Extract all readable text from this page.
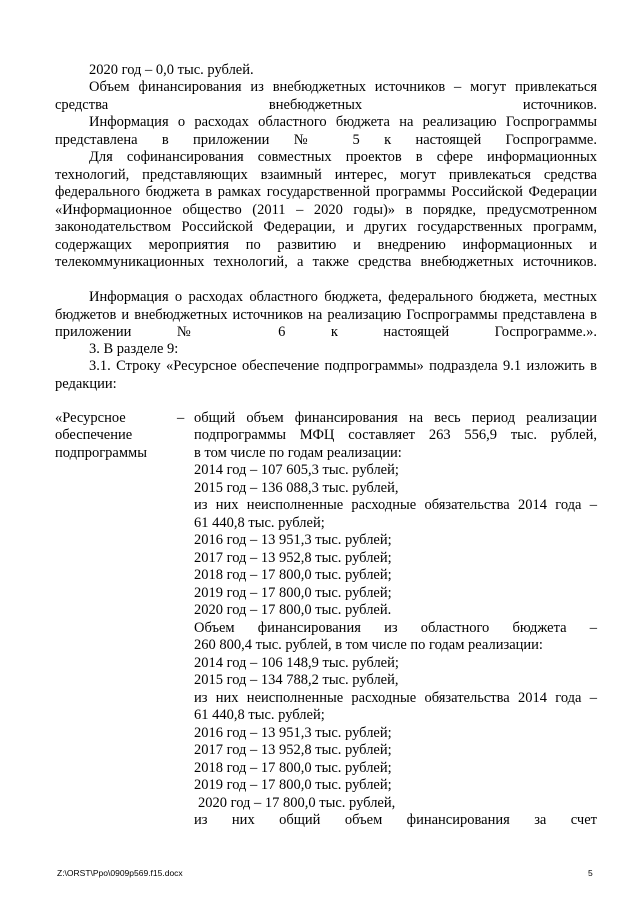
2020 год – 0,0 тыс. рублей.

Объем финансирования из внебюджетных источников – могут привлекаться средства внебюджетных источников.

Информация о расходах областного бюджета на реализацию Госпрограммы представлена в приложении № 5 к настоящей Госпрограмме.

Для софинансирования совместных проектов в сфере информационных технологий, представляющих взаимный интерес, могут привлекаться средства федерального бюджета в рамках государственной программы Российской Федерации «Информационное общество (2011 – 2020 годы)» в порядке, предусмотренном законодательством Российской Федерации, и других государственных программ, содержащих мероприятия по развитию и внедрению информационных и телекоммуникационных технологий, а также средства внебюджетных источников.

Информация о расходах областного бюджета, федерального бюджета, местных бюджетов и внебюджетных источников на реализацию Госпрограммы представлена в приложении № 6 к настоящей Госпрограмме.».

3. В разделе 9:

3.1. Строку «Ресурсное обеспечение подпрограммы» подраздела 9.1 изложить в редакции:

«Ресурсное

обеспечение

подпрограммы

– общий объем финансирования на весь период реализации

подпрограммы МФЦ составляет 263 556,9 тыс. рублей,

в том числе по годам реализации:

2014 год – 107 605,3 тыс. рублей;

2015 год – 136 088,3 тыс. рублей,

из них неисполненные расходные обязательства 2014 года –

61 440,8 тыс. рублей;

2016 год – 13 951,3 тыс. рублей;

2017 год – 13 952,8 тыс. рублей;

2018 год – 17 800,0 тыс. рублей;

2019 год – 17 800,0 тыс. рублей;

2020 год – 17 800,0 тыс. рублей.

Объем финансирования из областного бюджета –

260 800,4 тыс. рублей, в том числе по годам реализации:

2014 год – 106 148,9 тыс. рублей;

2015 год – 134 788,2 тыс. рублей,

из них неисполненные расходные обязательства 2014 года –

61 440,8 тыс. рублей;

2016 год – 13 951,3 тыс. рублей;

2017 год – 13 952,8 тыс. рублей;

2018 год – 17 800,0 тыс. рублей;

2019 год – 17 800,0 тыс. рублей;

2020 год – 17 800,0 тыс. рублей,

из них общий объем финансирования за счет

Z:\ORST\Ppo\0909p569.f15.docx	5
